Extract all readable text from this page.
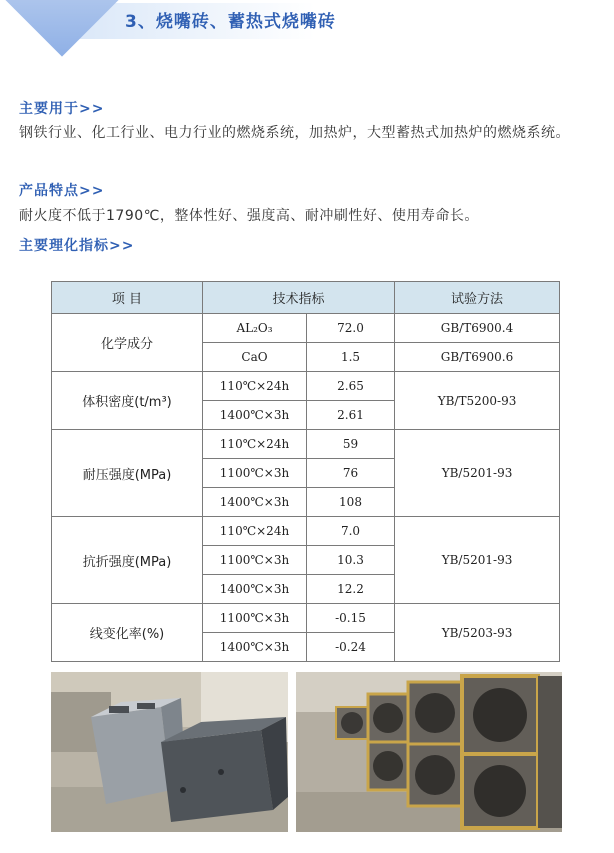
3、烧嘴砖、蓄热式烧嘴砖
主要用于>>
钢铁行业、化工行业、电力行业的燃烧系统，加热炉，大型蓄热式加热炉的燃烧系统。
产品特点>>
耐火度不低于1790℃，整体性好、强度高、耐冲刷性好、使用寿命长。
主要理化指标>>
项 目	技术指标		试验方法
化学成分	AL₂O₃	72.0	GB/T6900.4
	CaO	1.5	GB/T6900.6
体积密度(t/m³)	110℃×24h	2.65	YB/T5200-93
	1400℃×3h	2.61	
耐压强度(MPa)	110℃×24h	59	YB/5201-93
	1100℃×3h	76	
	1400℃×3h	108	
抗折强度(MPa)	110℃×24h	7.0	YB/5201-93
	1100℃×3h	10.3	
	1400℃×3h	12.2	
线变化率(%)	1100℃×3h	-0.15	YB/5203-93
	1400℃×3h	-0.24	
